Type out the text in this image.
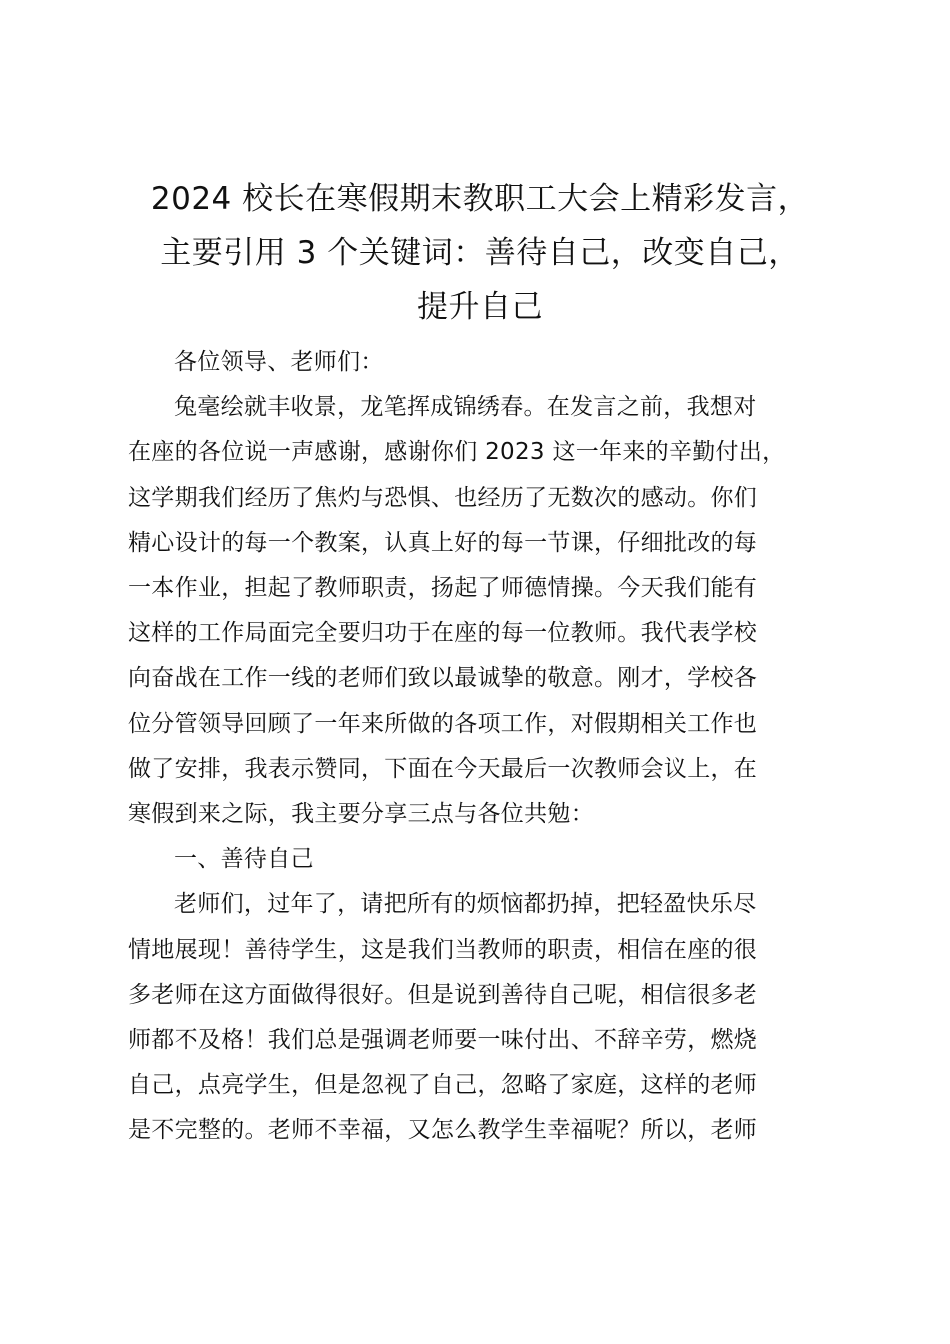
2024 校长在寒假期末教职工大会上精彩发言，
主要引用 3 个关键词：善待自己，改变自己，
提升自己

各位领导、老师们：

兔毫绘就丰收景，龙笔挥成锦绣春。在发言之前，我想对
在座的各位说一声感谢，感谢你们 2023 这一年来的辛勤付出，
这学期我们经历了焦灼与恐惧、也经历了无数次的感动。你们
精心设计的每一个教案，认真上好的每一节课，仔细批改的每
一本作业，担起了教师职责，扬起了师德情操。今天我们能有
这样的工作局面完全要归功于在座的每一位教师。我代表学校
向奋战在工作一线的老师们致以最诚挚的敬意。刚才，学校各
位分管领导回顾了一年来所做的各项工作，对假期相关工作也
做了安排，我表示赞同，下面在今天最后一次教师会议上，在
寒假到来之际，我主要分享三点与各位共勉：

一、善待自己

老师们，过年了，请把所有的烦恼都扔掉，把轻盈快乐尽
情地展现！善待学生，这是我们当教师的职责，相信在座的很
多老师在这方面做得很好。但是说到善待自己呢，相信很多老
师都不及格！我们总是强调老师要一味付出、不辞辛劳，燃烧
自己，点亮学生，但是忽视了自己，忽略了家庭，这样的老师
是不完整的。老师不幸福，又怎么教学生幸福呢？所以，老师
